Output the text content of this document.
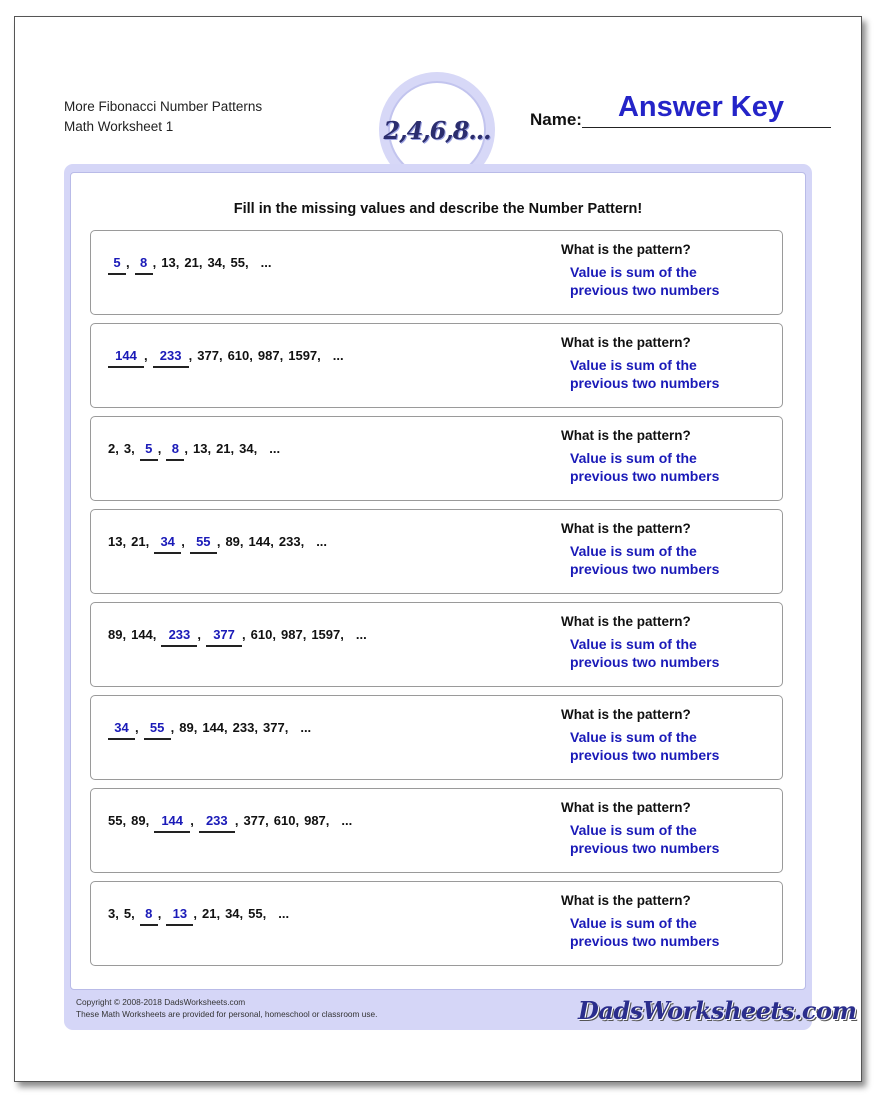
More Fibonacci Number Patterns
Math Worksheet 1	2,4,6,8... Name:	Answer Key
Fill in the missing values and describe the Number Pattern!
5 , 8 , 13, 21, 34, 55, ...
What is the pattern?
Value is sum of the
previous two numbers
144 , 233 , 377, 610, 987, 1597, ...
What is the pattern?
Value is sum of the
previous two numbers
2, 3, 5 , 8 , 13, 21, 34, ...
What is the pattern?
Value is sum of the
previous two numbers
13, 21, 34 , 55 , 89, 144, 233, ...
What is the pattern?
Value is sum of the
previous two numbers
89, 144, 233 , 377 , 610, 987, 1597, ...
What is the pattern?
Value is sum of the
previous two numbers
34 , 55 , 89, 144, 233, 377, ...
What is the pattern?
Value is sum of the
previous two numbers
55, 89, 144 , 233 , 377, 610, 987, ...
What is the pattern?
Value is sum of the
previous two numbers
3, 5, 8 , 13 , 21, 34, 55, ...
What is the pattern?
Value is sum of the
previous two numbers
Copyright © 2008-2018 DadsWorksheets.com
These Math Worksheets are provided for personal, homeschool or classroom use.	DadsWorksheets.com
